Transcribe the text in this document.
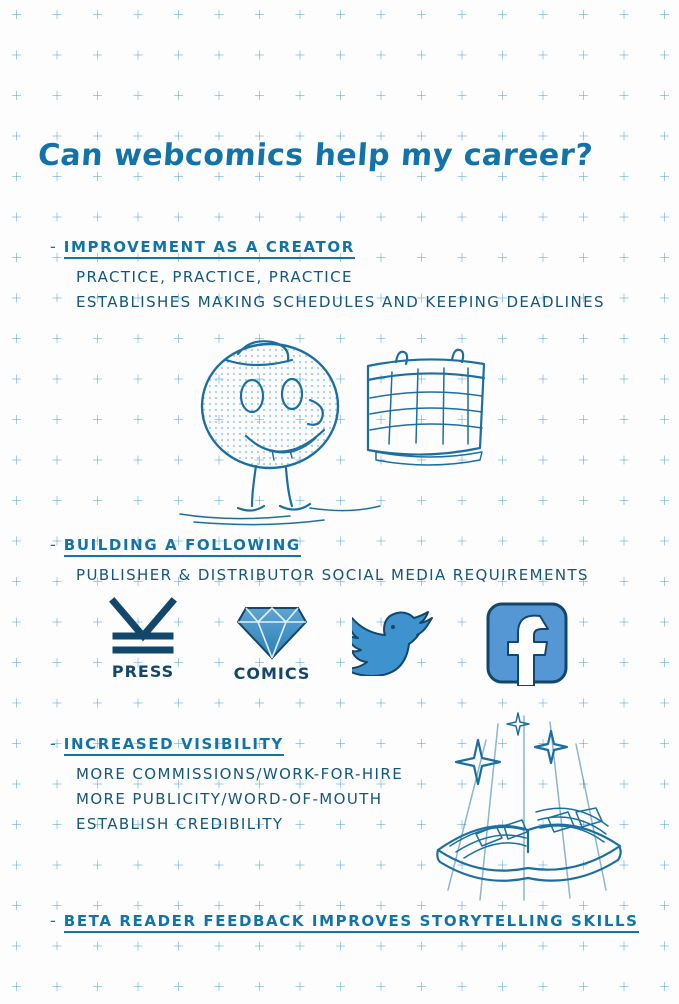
Can webcomics help my career?
- IMPROVEMENT AS A CREATOR
PRACTICE, PRACTICE, PRACTICE
ESTABLISHES MAKING SCHEDULES AND KEEPING DEADLINES
- BUILDING A FOLLOWING
PUBLISHER & DISTRIBUTOR SOCIAL MEDIA REQUIREMENTS
PRESS	COMICS
- INCREASED VISIBILITY
MORE COMMISSIONS/WORK-FOR-HIRE
MORE PUBLICITY/WORD-OF-MOUTH
ESTABLISH CREDIBILITY
- BETA READER FEEDBACK IMPROVES STORYTELLING SKILLS
